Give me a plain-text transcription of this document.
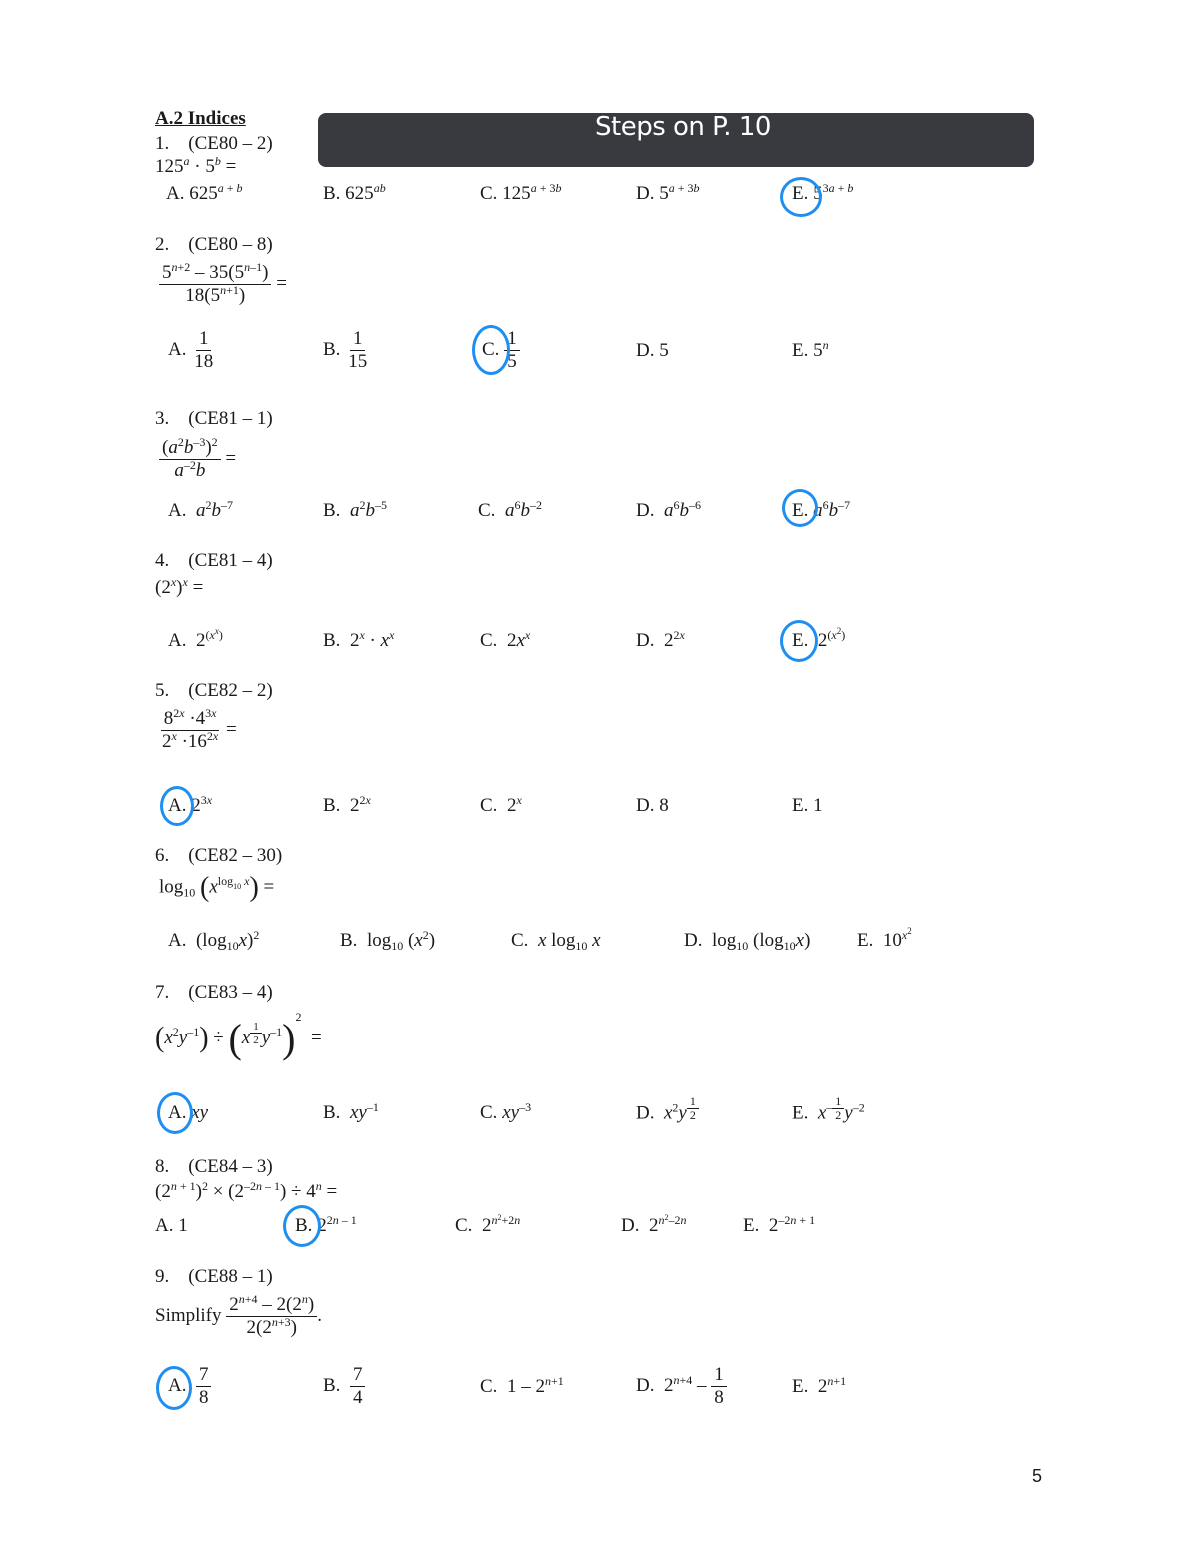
A.2 Indices	Steps on P. 10
1. (CE80 – 2)
$125^a \cdot 5^b$ =
A. $625^{a + b}$	B. $625^{ab}$	C. $125^{a + 3b}$	D. $5^{a + 3b}$	E. $5^{3a + b}$
2. (CE80 – 8)
$\frac{5^{n+2} - 35(5^{n-1})}{18(5^{n+1})}$ =
A. $\frac{1}{18}$	B. $\frac{1}{15}$	C. $\frac{1}{5}$	D. 5	E. 5$^n$
3. (CE81 – 1)
$\frac{(a^2b^{-3})^2}{a^{-2}b}$ =
A. $a^2b^{-7}$	B. $a^2b^{-5}$	C. $a^6b^{-2}$	D. $a^6b^{-6}$	E. $a^6b^{-7}$
4. (CE81 – 4)
$(2^x)^x$ =
A.  2$^{(x^x)}$	B.  $2^x \cdot x^x$	C.  $2x^x$	D.  $2^{2x}$	E.  $2^{(x^2)}$
5. (CE82 – 2)
$\frac{8^{2x} \cdot 4^{3x}}{2^x \cdot 16^{2x}}$ =
A. $2^{3x}$	B.  $2^{2x}$	C.  2$^x$	D. 8	E. 1
6. (CE82 – 30)
$\log_{10} (x^{log_{10} x})$ =
A.  $(\log_{10}x)^2$	B.  $\log_{10} (x^2)$	C. x $\log_{10} x$	D.  $\log_{10} (\log_{10}x)$ E.  $10^{x^2}$
7. (CE83 – 4)
$(x^2y^{-1}) \div (x$ $^{\frac{1}{2}}$ $y^{-1})^2$  =
A. xy	B. $xy^{-1}$	C. $xy^{-3}$	D. $x^2y$ $^{\frac{1}{2}}$	E. $x^{- \frac{1}{2}}$ $y^{-2}$
8. (CE84 – 3)
$(2^{n + 1})^2 \times (2^{-2n - 1}) \div 4^n$ =
A. 1	B. $2^{2n - 1}$	C.  $2^{n^2+2n}$	D.  $2^{n^2-2n}$	E.  $2^{-2n + 1}$
9. (CE88 – 1)
Simplify $\frac{2^{n+4} - 2(2^n)}{2(2^{n+3})}$ .
A. $\frac{7}{8}$	B. $\frac{7}{4}$	C.  $1 - 2^{n+1}$	D.  $2^{n+4} - \frac{1}{8}$	E.  $2^{n+1}$
5
